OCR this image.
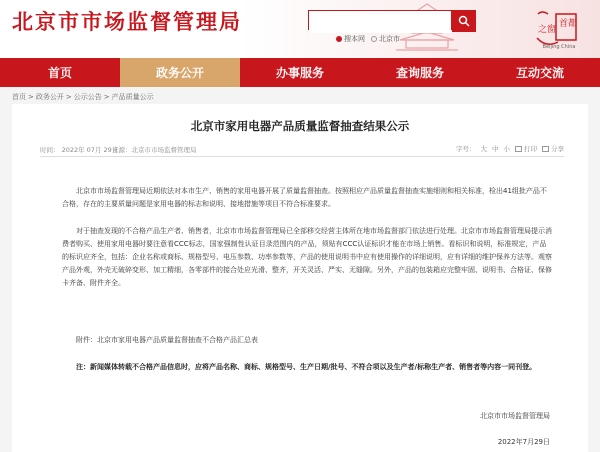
北京市市场监督管理局
搜本网 北京市
首都
之窗
Beijing China
首页	政务公开	办事服务	查询服务	互动交流
首页 > 政务公开 > 公示公告 > 产品质量公示
北京市家用电器产品质量监督抽查结果公示
时间： 2022年 07月 29日
来源：北京市市场监督管理局	字号： 大 中 小	打印	分享

北京市市场监督管理局近期依法对本市生产、销售的家用电器开展了质量监督抽查。按照相应产品质量监督抽查实施细则和相关标准，检出41组批产品不合格，存在的主要质量问题是家用电器的标志和说明、接地措施等项目不符合标准要求。

对于抽查发现的不合格产品生产者、销售者，北京市市场监督管理局已全部移交经营主体所在地市场监督部门依法进行处理。北京市市场监督管理局提示消费者购买、使用家用电器时要注意看CCC标志，国家强制性认证目录范围内的产品，须贴有CCC认证标识才能在市场上销售。看标识和说明，标准规定，产品的标识应齐全，包括：企业名称或商标、规格型号、电压参数、功率参数等，产品的使用说明书中应有使用操作的详细说明，应有详细的维护保养方法等。观察产品外观，外壳无破碎变形、加工精细，各零部件的接合处应光滑、整齐，开关灵活、严实、无缝隙。另外，产品的包装箱应完整牢固、说明书、合格证、保修卡齐备、附件齐全。

附件：北京市家用电器产品质量监督抽查不合格产品汇总表

注：新闻媒体转载不合格产品信息时，应将产品名称、商标、规格型号、生产日期/批号、不符合项以及生产者/标称生产者、销售者等内容一同刊登。

北京市市场监督管理局
2022年7月29日
